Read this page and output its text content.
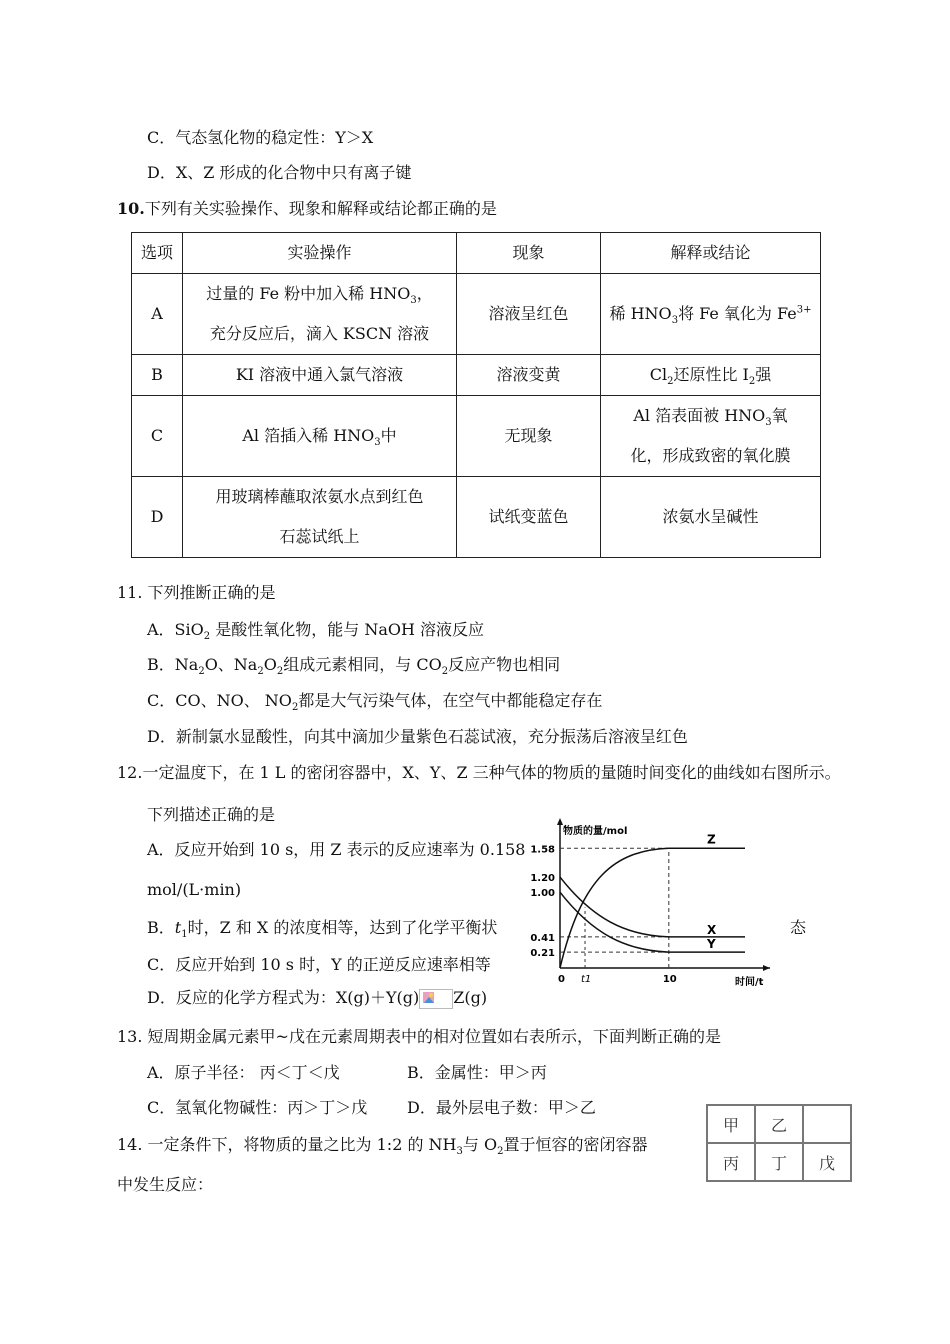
C．气态氢化物的稳定性：Y＞X
D．X、Z 形成的化合物中只有离子键
10.下列有关实验操作、现象和解释或结论都正确的是
选项	实验操作	现象	解释或结论
A	过量的 Fe 粉中加入稀 $HNO_3$，
充分反应后，滴入 KSCN 溶液	溶液呈红色	稀 $HNO_3$将 Fe 氧化为 $Fe^{3+}$
B	KI 溶液中通入氯气溶液	溶液变黄	$Cl_2$还原性比 $I_2$强
C	Al 箔插入稀 $HNO_3$中	无现象	Al 箔表面被 $HNO_3$氧
化，形成致密的氧化膜

D	用玻璃棒蘸取浓氨水点到红色
石蕊试纸上	试纸变蓝色	浓氨水呈碱性
11. 下列推断正确的是
A．SiO$_2$ 是酸性氧化物，能与 NaOH 溶液反应
B．$Na_2O$、$Na_2O_2$组成元素相同，与 $CO_2$反应产物也相同
C．CO、NO、 $NO_2$都是大气污染气体，在空气中都能稳定存在
D．新制氯水显酸性，向其中滴加少量紫色石蕊试液，充分振荡后溶液呈红色
12.一定温度下，在 1 L 的密闭容器中，X、Y、Z 三种气体的物质的量随时间变化的曲线如右图所示。
下列描述正确的是
A．反应开始到 10 s，用 Z 表示的反应速率为 0.158
mol/(L·min)
B．$t_1$时，Z 和 X 的浓度相等，达到了化学平衡状	态
C．反应开始到 10 s 时，Y 的正逆反应速率相等
D．反应的化学方程式为：X(g)＋Y(g) Z(g)
物质的量/mol
时间/t
1.58
1.20
1.00
0.41
0.21
0 t1	10
Z
X
Y
13. 短周期金属元素甲~戊在元素周期表中的相对位置如右表所示，下面判断正确的是
A．原子半径： 丙＜丁＜戊	B．金属性：甲＞丙
C．氢氧化物碱性：丙＞丁＞戊 D．最外层电子数：甲＞乙
甲	乙	
丙	丁	戊
14. 一定条件下，将物质的量之比为 1:2 的 $NH_3$与 $O_2$置于恒容的密闭容器
中发生反应：
